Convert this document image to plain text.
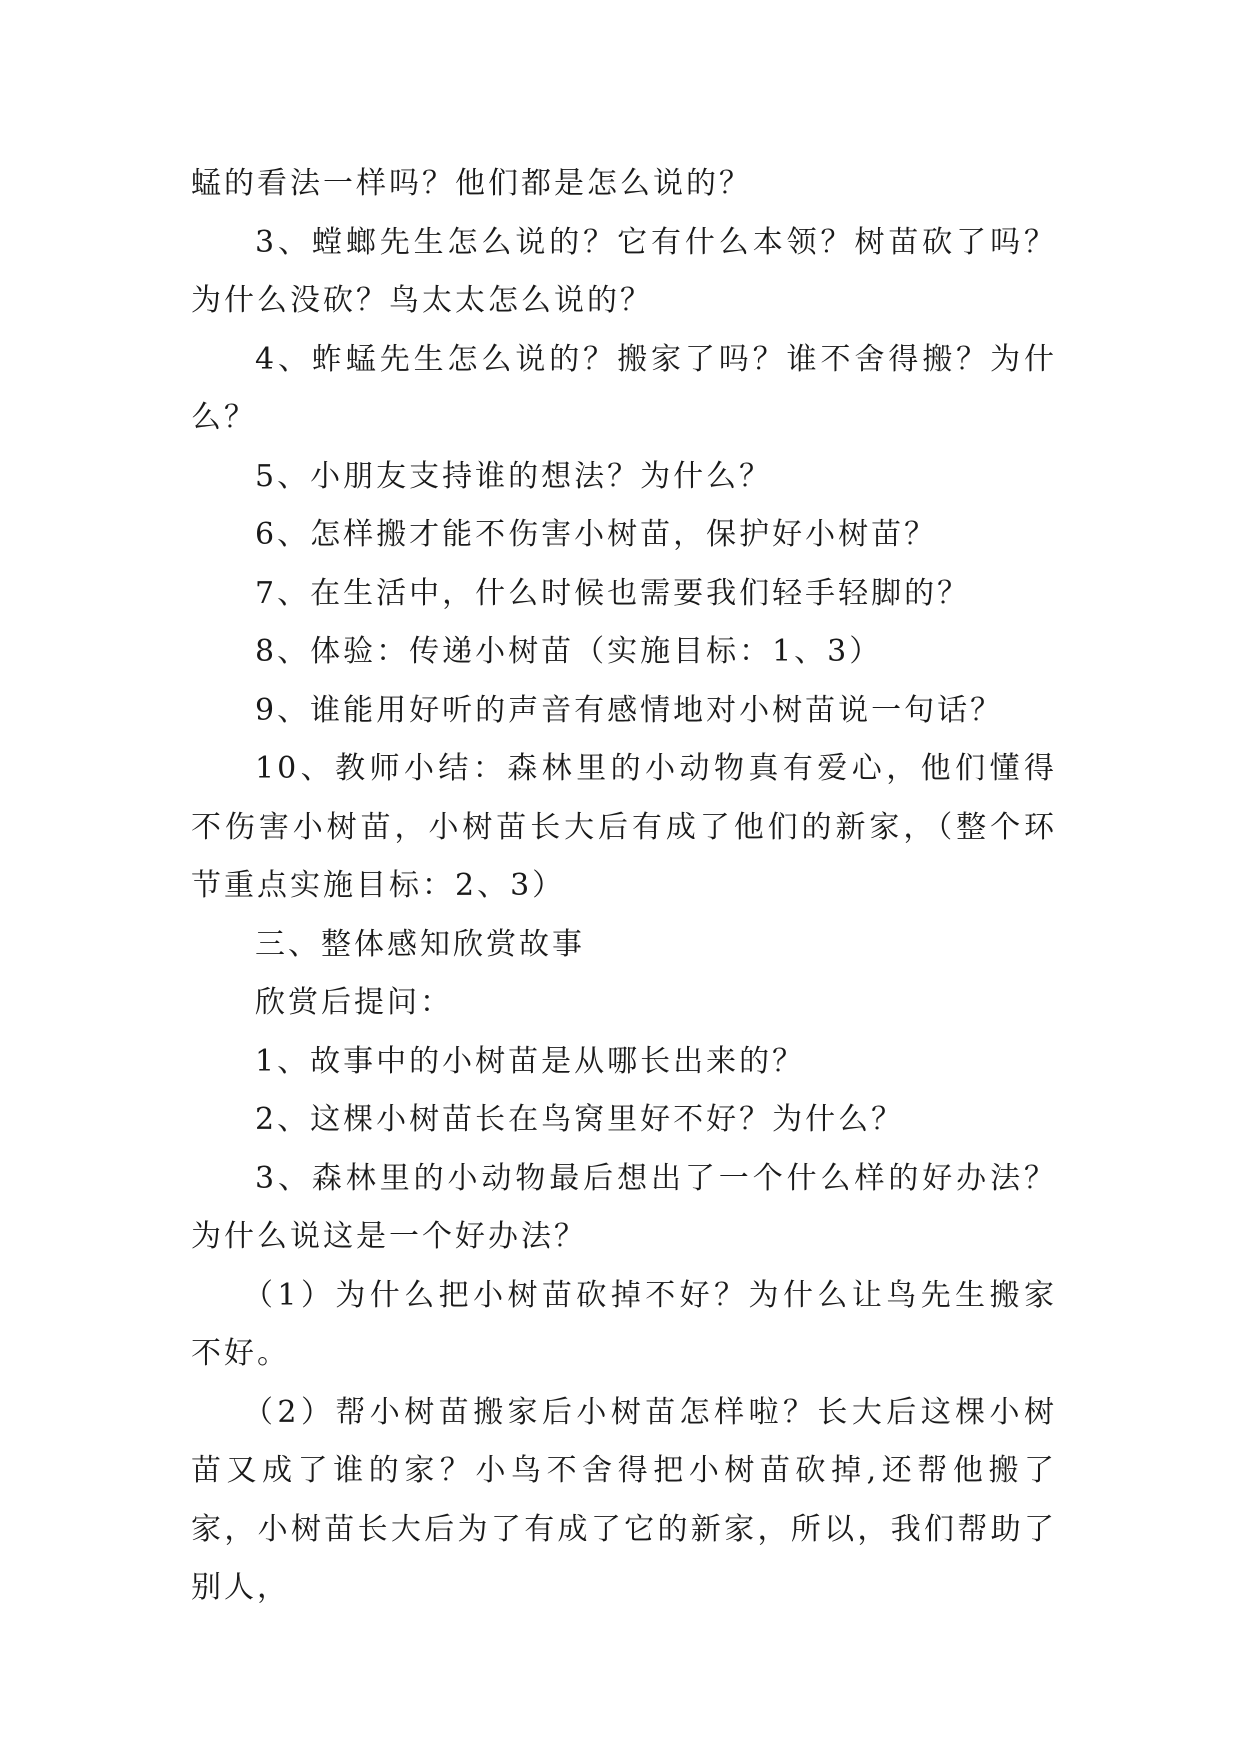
蜢的看法一样吗？他们都是怎么说的？

3、螳螂先生怎么说的？它有什么本领？树苗砍了吗？为什么没砍？鸟太太怎么说的？

4、蚱蜢先生怎么说的？搬家了吗？谁不舍得搬？为什么？

5、小朋友支持谁的想法？为什么？

6、怎样搬才能不伤害小树苗，保护好小树苗？

7、在生活中，什么时候也需要我们轻手轻脚的？

8、体验：传递小树苗（实施目标：1、3）

9、谁能用好听的声音有感情地对小树苗说一句话？

10、教师小结：森林里的小动物真有爱心，他们懂得不伤害小树苗，小树苗长大后有成了他们的新家，（整个环节重点实施目标：2、3）

三、整体感知欣赏故事

欣赏后提问：

1、故事中的小树苗是从哪长出来的？

2、这棵小树苗长在鸟窝里好不好？为什么？

3、森林里的小动物最后想出了一个什么样的好办法？为什么说这是一个好办法？

（1）为什么把小树苗砍掉不好？为什么让鸟先生搬家不好。

（2）帮小树苗搬家后小树苗怎样啦？长大后这棵小树苗又成了谁的家？小鸟不舍得把小树苗砍掉,还帮他搬了家，小树苗长大后为了有成了它的新家，所以，我们帮助了别人，
